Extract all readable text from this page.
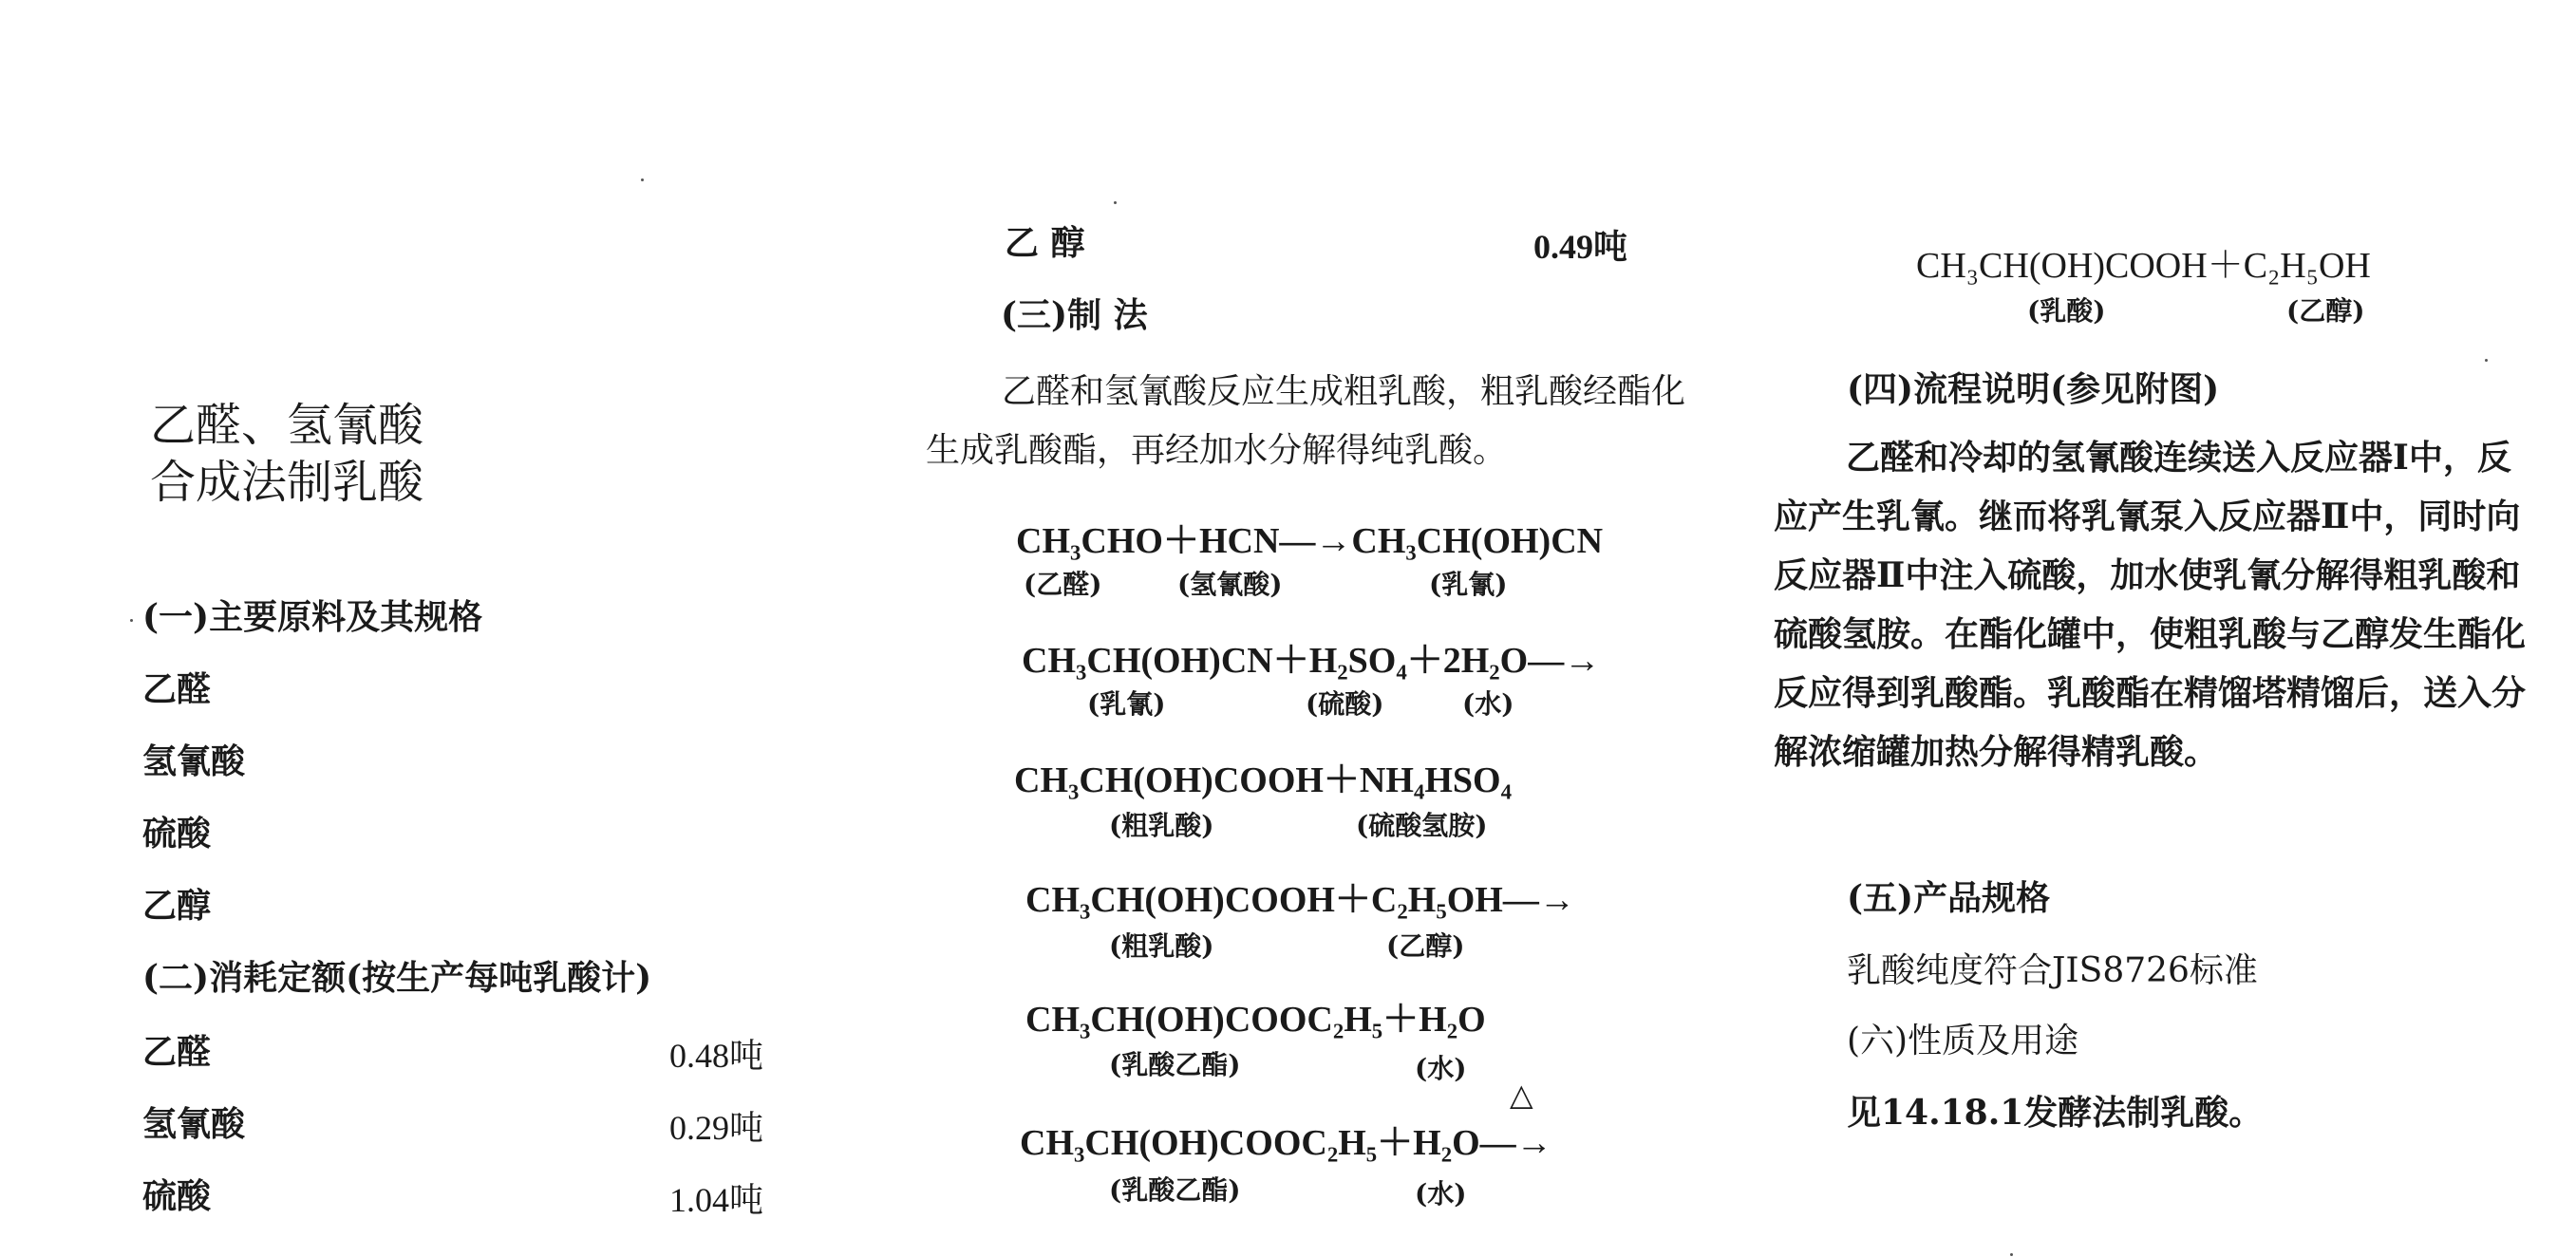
乙醛、氢氰酸
合成法制乳酸
(一)主要原料及其规格
乙醛
氢氰酸
硫酸
乙醇
(二)消耗定额(按生产每吨乳酸计)
乙醛	0.48吨
氢氰酸	0.29吨
硫酸	1.04吨
乙 醇	0.49吨
(三)制 法
乙醛和氢氰酸反应生成粗乳酸，粗乳酸经酯化
生成乳酸酯，再经加水分解得纯乳酸。
CH₃CHO＋HCN—→CH₃CH(OH)CN
(乙醛)	(氢氰酸)	(乳氰)
CH₃CH(OH)CN＋H₂SO₄＋2H₂O—→
(乳氰)	(硫酸)	(水)
CH₃CH(OH)COOH＋NH₄HSO₄
(粗乳酸)	(硫酸氢胺)
CH₃CH(OH)COOH＋C₂H₅OH—→
(粗乳酸)	(乙醇)
CH₃CH(OH)COOC₂H₅＋H₂O
(乳酸乙酯)	(水)
CH₃CH(OH)COOC₂H₅＋H₂O—→
△
(乳酸乙酯)	(水)
CH₃CH(OH)COOH＋C₂H₅OH
(乳酸)	(乙醇)
(四)流程说明(参见附图)
乙醛和冷却的氢氰酸连续送入反应器Ⅰ中，反
应产生乳氰。继而将乳氰泵入反应器Ⅱ中，同时向
反应器Ⅱ中注入硫酸，加水使乳氰分解得粗乳酸和
硫酸氢胺。在酯化罐中，使粗乳酸与乙醇发生酯化
反应得到乳酸酯。乳酸酯在精馏塔精馏后，送入分
解浓缩罐加热分解得精乳酸。
(五)产品规格
乳酸纯度符合JIS8726标准
(六)性质及用途
见14.18.1发酵法制乳酸。
